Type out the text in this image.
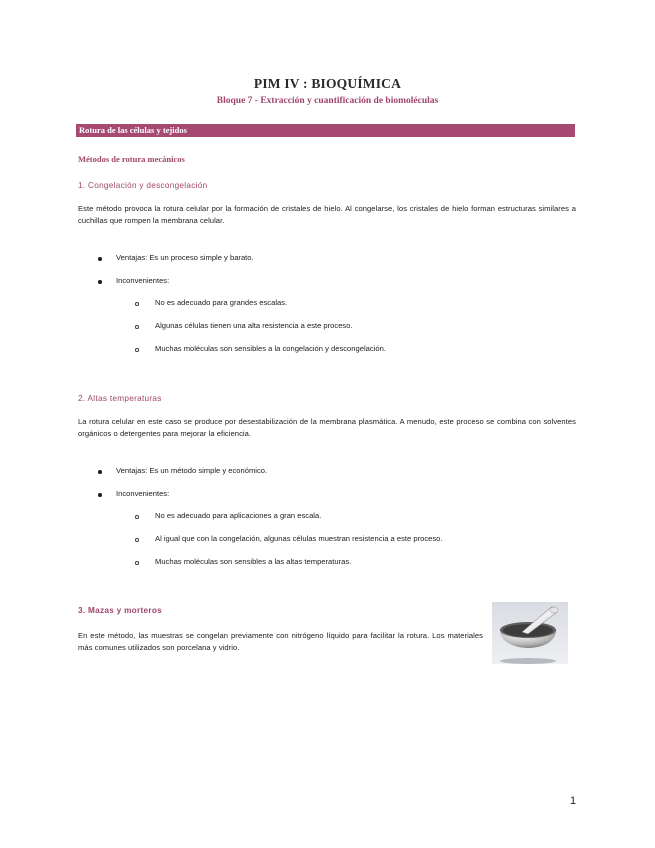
PIM IV : BIOQUÍMICA
Bloque 7 - Extracción y cuantificación de biomoléculas
Rotura de las células y tejidos
Métodos de rotura mecánicos
1. Congelación y descongelación
Este método provoca la rotura celular por la formación de cristales de hielo. Al congelarse, los cristales de hielo forman estructuras similares a cuchillas que rompen la membrana celular.
Ventajas: Es un proceso simple y barato.
Inconvenientes:
No es adecuado para grandes escalas.
Algunas células tienen una alta resistencia a este proceso.
Muchas moléculas son sensibles a la congelación y descongelación.
2. Altas temperaturas
La rotura celular en este caso se produce por desestabilización de la membrana plasmática. A menudo, este proceso se combina con solventes orgánicos o detergentes para mejorar la eficiencia.
Ventajas: Es un método simple y económico.
Inconvenientes:
No es adecuado para aplicaciones a gran escala.
Al igual que con la congelación, algunas células muestran resistencia a este proceso.
Muchas moléculas son sensibles a las altas temperaturas.
3. Mazas y morteros
En este método, las muestras se congelan previamente con nitrógeno líquido para facilitar la rotura. Los materiales más comunes utilizados son porcelana y vidrio.
1
